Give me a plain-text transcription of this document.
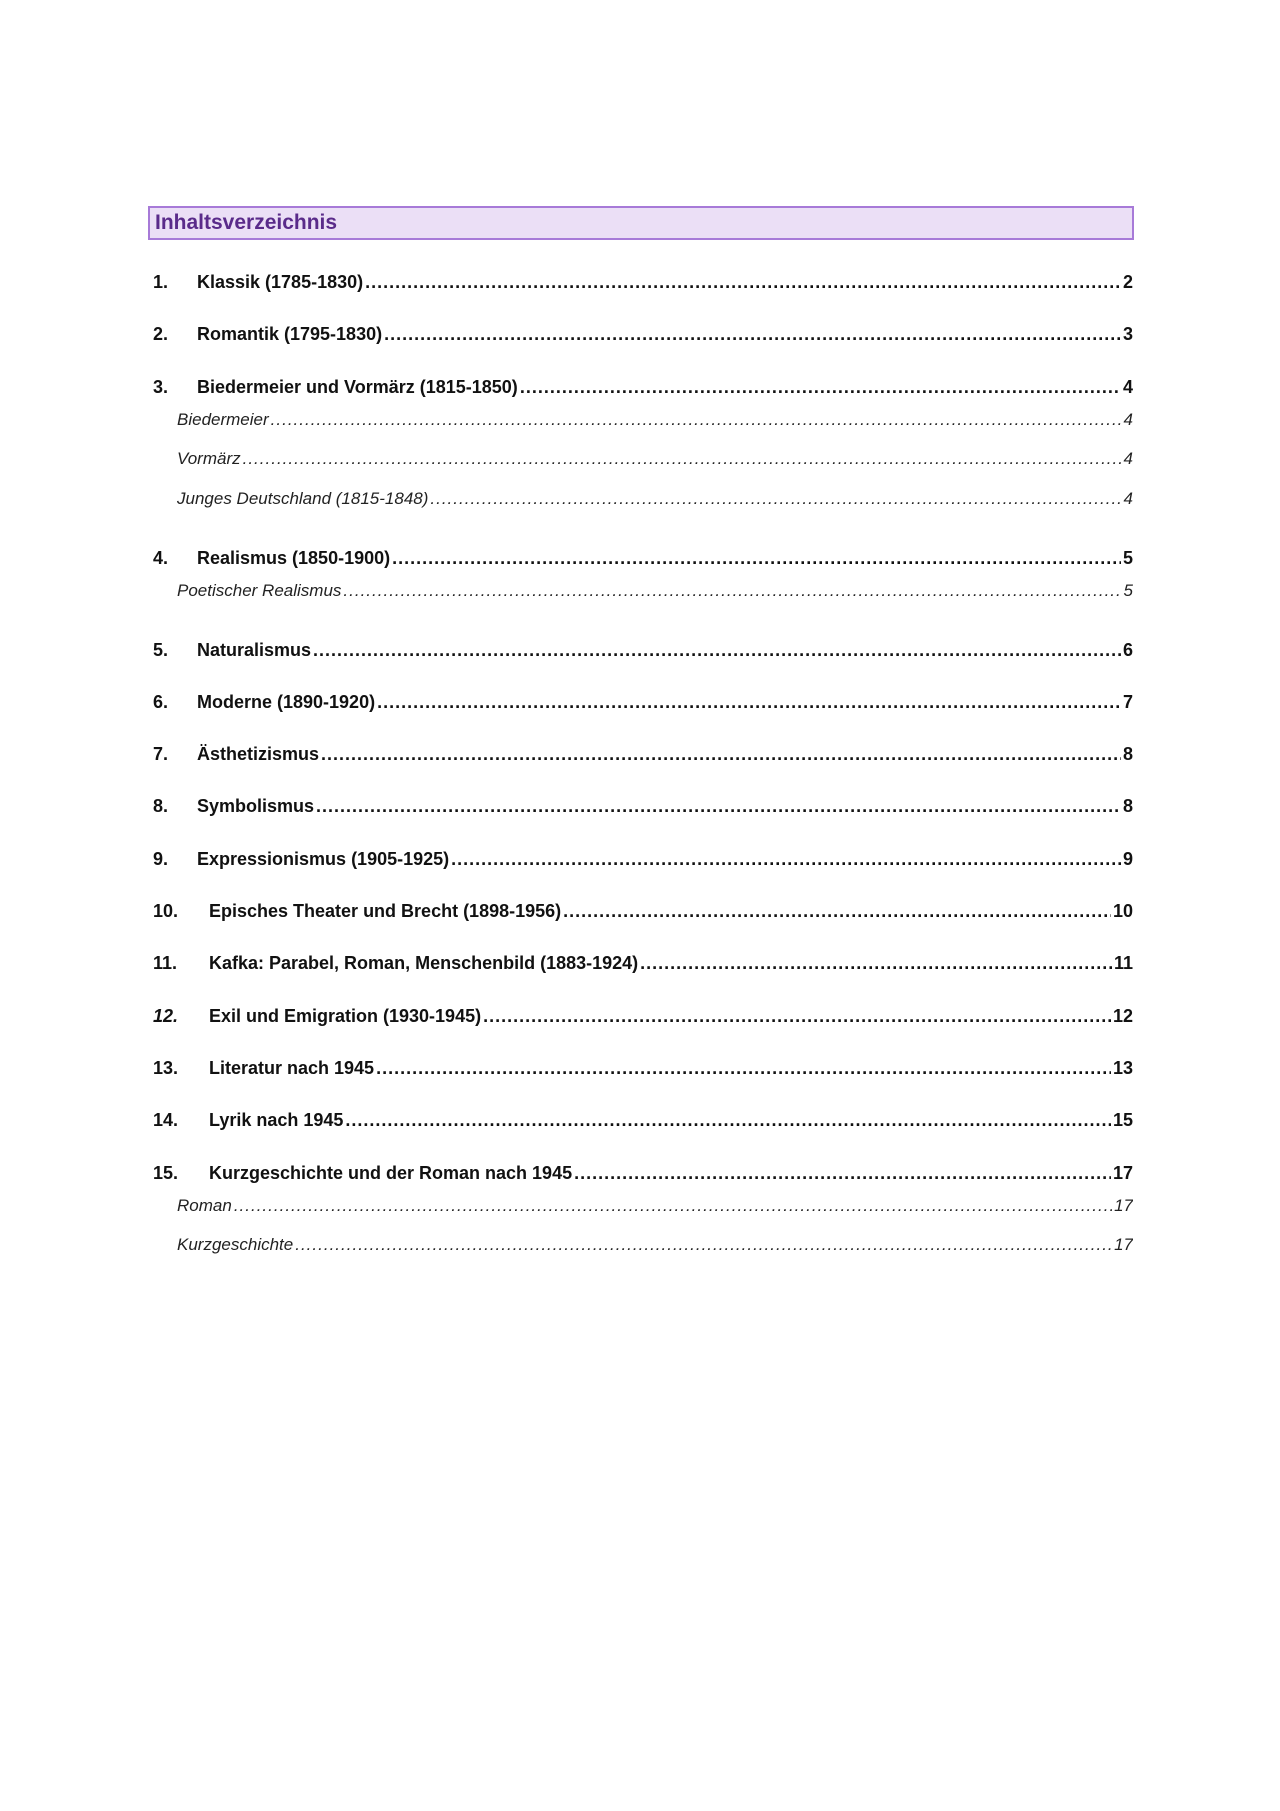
Inhaltsverzeichnis
1.	Klassik (1785-1830) .....	2
2.	Romantik (1795-1830) .....	3
3.	Biedermeier und Vormärz (1815-1850) .....	4
Biedermeier .....	4
Vormärz .....	4
Junges Deutschland (1815-1848) .....	4
4.	Realismus (1850-1900) .....	5
Poetischer Realismus .....	5
5.	Naturalismus .....	6
6.	Moderne (1890-1920) .....	7
7.	Ästhetizismus .....	8
8.	Symbolismus .....	8
9.	Expressionismus (1905-1925) .....	9
10.	Episches Theater und Brecht (1898-1956) .....	10
11.	Kafka: Parabel, Roman, Menschenbild (1883-1924) .....	11
12.	Exil und Emigration (1930-1945) .....	12
13.	Literatur nach 1945 .....	13
14.	Lyrik nach 1945 .....	15
15.	Kurzgeschichte und der Roman nach 1945 .....	17
Roman .....	17
Kurzgeschichte .....	17
